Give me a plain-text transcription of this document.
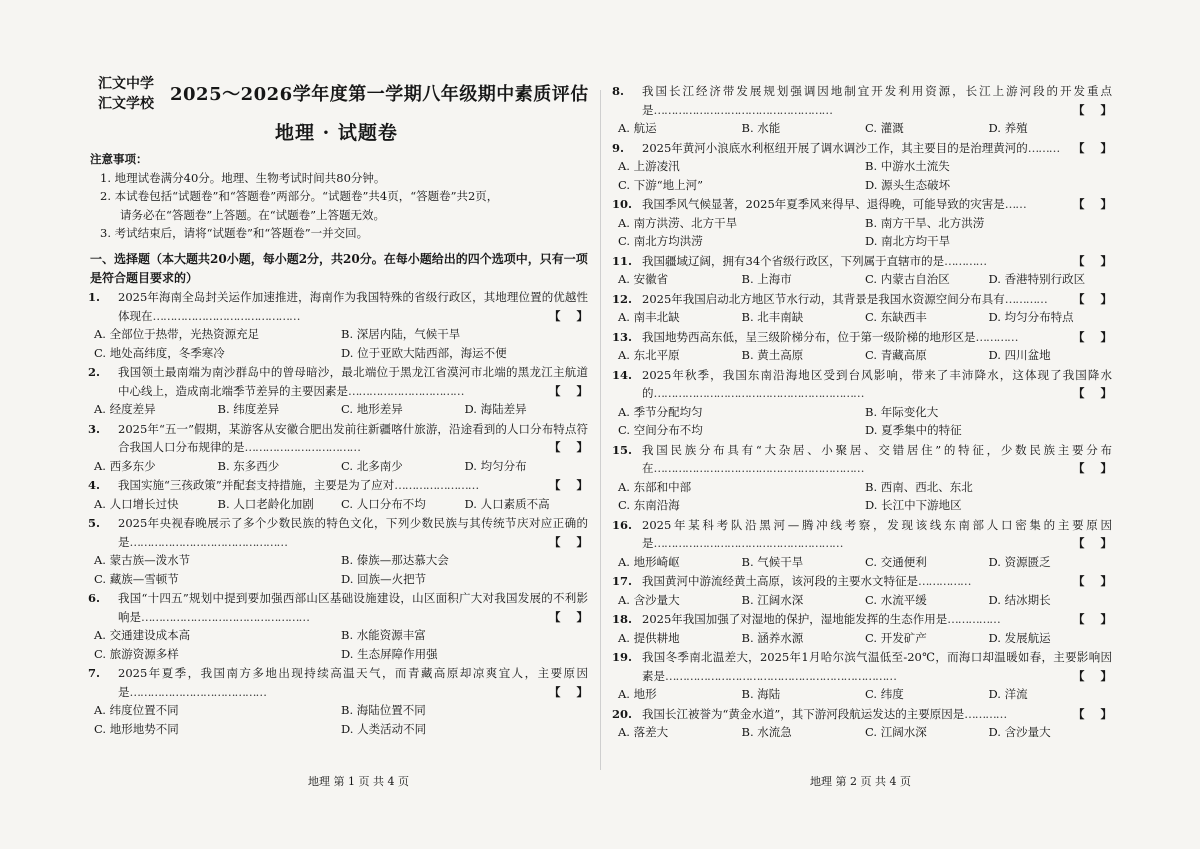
汇文中学
汇文学校 2025～2026学年度第一学期八年级期中素质评估
地理 · 试题卷
注意事项：
1. 地理试卷满分40分。地理、生物考试时间共80分钟。
2. 本试卷包括“试题卷”和“答题卷”两部分。“试题卷”共4页，“答题卷”共2页，
请务必在“答题卷”上答题。在“试题卷”上答题无效。
3. 考试结束后，请将“试题卷”和“答题卷”一并交回。
一、选择题（本大题共20小题，每小题2分，共20分。在每小题给出的四个选项中，只有一项是符合题目要求的）
1.	2025年海南全岛封关运作加速推进，海南作为我国特殊的省级行政区，其地理位置的优越性体现在……………………………………	【    】
A. 全部位于热带，光热资源充足	B. 深居内陆，气候干旱
C. 地处高纬度，冬季寒冷	D. 位于亚欧大陆西部，海运不便
2.	我国领土最南端为南沙群岛中的曾母暗沙，最北端位于黑龙江省漠河市北端的黑龙江主航道中心线上，造成南北端季节差异的主要因素是……………………………	【    】
A. 经度差异	B. 纬度差异	C. 地形差异	D. 海陆差异
3.	2025年“五一”假期，某游客从安徽合肥出发前往新疆喀什旅游，沿途看到的人口分布特点符合我国人口分布规律的是……………………………	【    】
A. 西多东少	B. 东多西少	C. 北多南少	D. 均匀分布
4.	我国实施“三孩政策”并配套支持措施，主要是为了应对……………………	【    】
A. 人口增长过快	B. 人口老龄化加剧	C. 人口分布不均	D. 人口素质不高
5.	2025年央视春晚展示了多个少数民族的特色文化，下列少数民族与其传统节庆对应正确的是………………………………………	【    】
A. 蒙古族—泼水节	B. 傣族—那达慕大会
C. 藏族—雪顿节	D. 回族—火把节
6.	我国“十四五”规划中提到要加强西部山区基础设施建设，山区面积广大对我国发展的不利影响是…………………………………………	【    】
A. 交通建设成本高	B. 水能资源丰富
C. 旅游资源多样	D. 生态屏障作用强
7.	2025年夏季，我国南方多地出现持续高温天气，而青藏高原却凉爽宜人，主要原因是…………………………………	【    】
A. 纬度位置不同	B. 海陆位置不同
C. 地形地势不同	D. 人类活动不同
地理 第 1 页 共 4 页
8.	我国长江经济带发展规划强调因地制宜开发利用资源，长江上游河段的开发重点是……………………………………………	【    】
A. 航运	B. 水能	C. 灌溉	D. 养殖
9.	2025年黄河小浪底水利枢纽开展了调水调沙工作，其主要目的是治理黄河的……… 【    】
A. 上游凌汛	B. 中游水土流失
C. 下游“地上河”	D. 源头生态破坏
10. 我国季风气候显著，2025年夏季风来得早、退得晚，可能导致的灾害是……	【    】
A. 南方洪涝、北方干旱	B. 南方干旱、北方洪涝
C. 南北方均洪涝	D. 南北方均干旱
11. 我国疆域辽阔，拥有34个省级行政区，下列属于直辖市的是…………	【    】
A. 安徽省	B. 上海市	C. 内蒙古自治区	D. 香港特别行政区
12. 2025年我国启动北方地区节水行动，其背景是我国水资源空间分布具有………… 【    】
A. 南丰北缺	B. 北丰南缺	C. 东缺西丰	D. 均匀分布特点
13. 我国地势西高东低，呈三级阶梯分布，位于第一级阶梯的地形区是…………	【    】
A. 东北平原	B. 黄土高原	C. 青藏高原	D. 四川盆地
14. 2025年秋季，我国东南沿海地区受到台风影响，带来了丰沛降水，这体现了我国降水的……………………………………………………	【    】
A. 季节分配均匀	B. 年际变化大
C. 空间分布不均	D. 夏季集中的特征
15. 我国民族分布具有“大杂居、小聚居、交错居住”的特征，少数民族主要分布在……………………………………………………	【    】
A. 东部和中部	B. 西南、西北、东北
C. 东南沿海	D. 长江中下游地区
16. 2025年某科考队沿黑河—腾冲线考察，发现该线东南部人口密集的主要原因是………………………………………………	【    】
A. 地形崎岖	B. 气候干旱	C. 交通便利	D. 资源匮乏
17. 我国黄河中游流经黄土高原，该河段的主要水文特征是……………	【    】
A. 含沙量大	B. 江阔水深	C. 水流平缓	D. 结冰期长
18. 2025年我国加强了对湿地的保护，湿地能发挥的生态作用是……………	【    】
A. 提供耕地	B. 涵养水源	C. 开发矿产	D. 发展航运
19. 我国冬季南北温差大，2025年1月哈尔滨气温低至-20℃，而海口却温暖如春，主要影响因素是…………………………………………………………	【    】
A. 地形	B. 海陆	C. 纬度	D. 洋流
20. 我国长江被誉为“黄金水道”，其下游河段航运发达的主要原因是…………	【    】
A. 落差大	B. 水流急	C. 江阔水深	D. 含沙量大
地理 第 2 页 共 4 页
